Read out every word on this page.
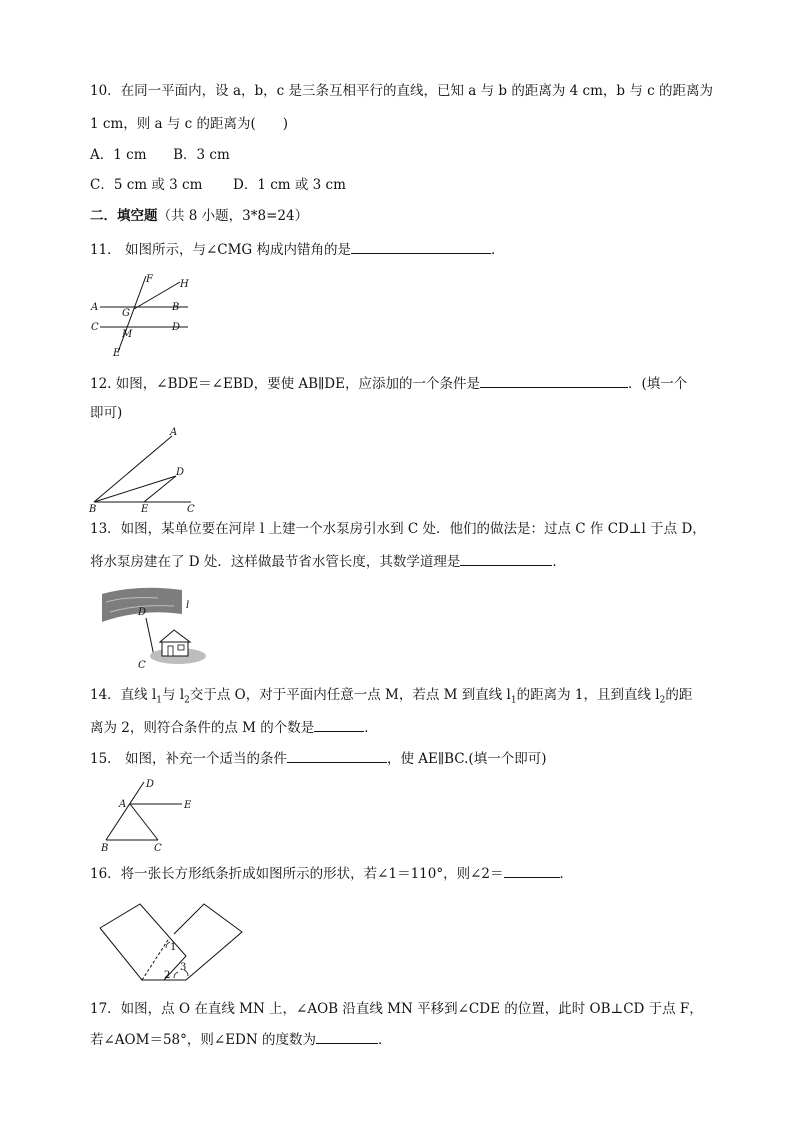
10．在同一平面内，设 a，b，c 是三条互相平行的直线，已知 a 与 b 的距离为 4 cm，b 与 c 的距离为
1 cm，则 a 与 c 的距离为(　　)
A．1 cm B．3 cm
C．5 cm 或 3 cm D．1 cm 或 3 cm
二．填空题（共 8 小题，3*8=24）
11． 如图所示，与∠CMG 构成内错角的是	．
F	H
A
G
B
C
M
D
E
12. 如图，∠BDE＝∠EBD，要使 AB∥DE，应添加的一个条件是	．(填一个
即可)
A
D
B	E	C
13．如图，某单位要在河岸 l 上建一个水泵房引水到 C 处．他们的做法是：过点 C 作 CD⊥l 于点 D，
将水泵房建在了 D 处．这样做最节省水管长度，其数学道理是	．
l
D
C
14．直线 $l_1$与 $l_2$交于点 O，对于平面内任意一点 M，若点 M 到直线 $l_1$的距离为 1，且到直线 $l_2$的距
离为 2，则符合条件的点 M 的个数是	．
15． 如图，补充一个适当的条件	，使 AE∥BC.(填一个即可)
D
A	E
B	C
16．将一张长方形纸条折成如图所示的形状，若∠1＝110°，则∠2＝	．
1
3
2
17．如图，点 O 在直线 MN 上，∠AOB 沿直线 MN 平移到∠CDE 的位置，此时 OB⊥CD 于点 F，
若∠AOM＝58°，则∠EDN 的度数为	．
